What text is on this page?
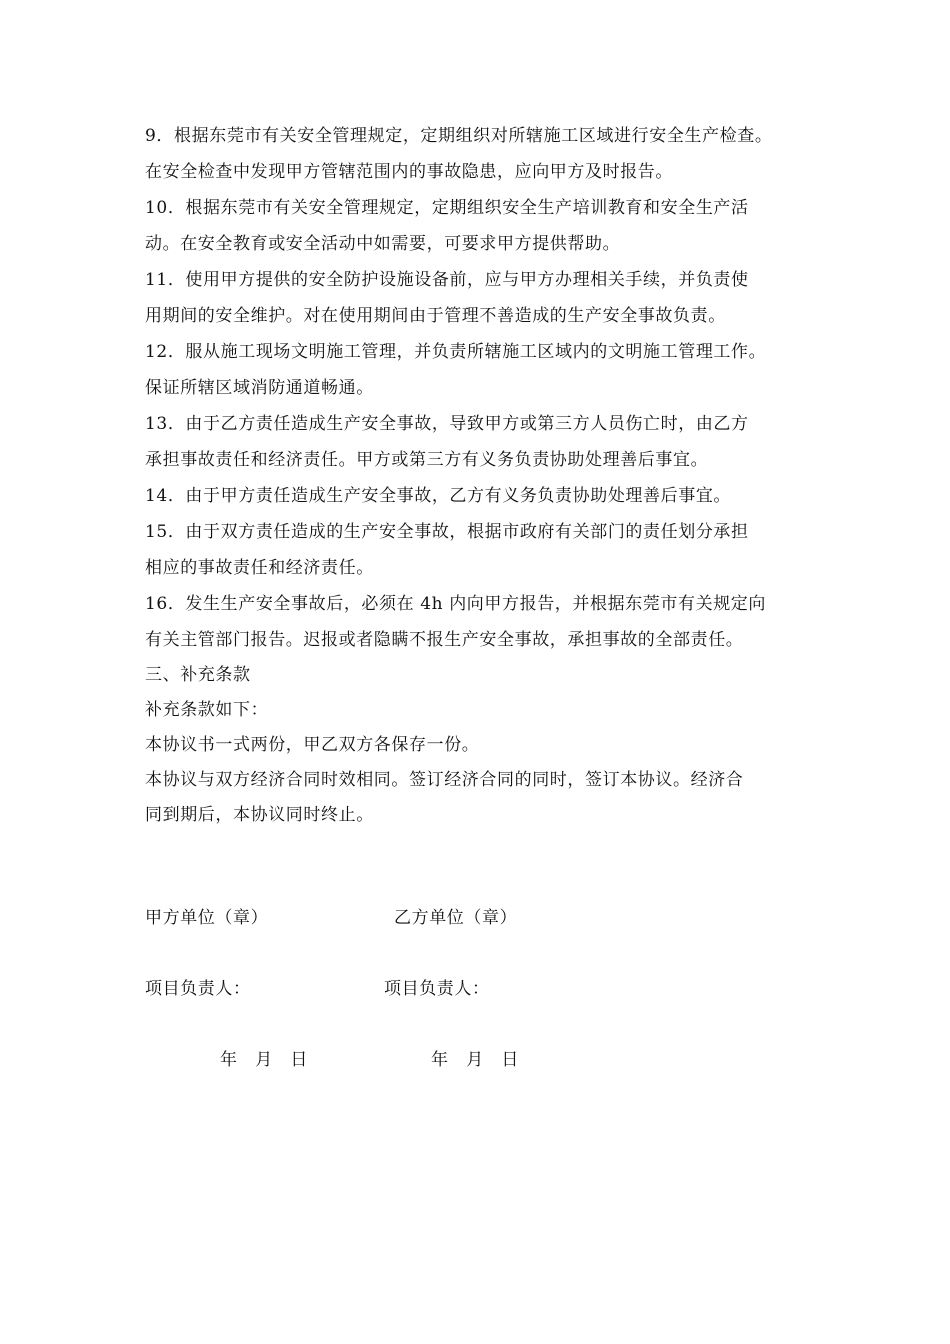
9．根据东莞市有关安全管理规定，定期组织对所辖施工区域进行安全生产检查。
在安全检查中发现甲方管辖范围内的事故隐患，应向甲方及时报告。
10．根据东莞市有关安全管理规定，定期组织安全生产培训教育和安全生产活
动。在安全教育或安全活动中如需要，可要求甲方提供帮助。
11．使用甲方提供的安全防护设施设备前，应与甲方办理相关手续，并负责使
用期间的安全维护。对在使用期间由于管理不善造成的生产安全事故负责。
12．服从施工现场文明施工管理，并负责所辖施工区域内的文明施工管理工作。
保证所辖区域消防通道畅通。
13．由于乙方责任造成生产安全事故，导致甲方或第三方人员伤亡时，由乙方
承担事故责任和经济责任。甲方或第三方有义务负责协助处理善后事宜。
14．由于甲方责任造成生产安全事故，乙方有义务负责协助处理善后事宜。
15．由于双方责任造成的生产安全事故，根据市政府有关部门的责任划分承担
相应的事故责任和经济责任。
16．发生生产安全事故后，必须在 4h 内向甲方报告，并根据东莞市有关规定向
有关主管部门报告。迟报或者隐瞒不报生产安全事故，承担事故的全部责任。
三、补充条款
补充条款如下：
本协议书一式两份，甲乙双方各保存一份。
本协议与双方经济合同时效相同。签订经济合同的同时，签订本协议。经济合
同到期后，本协议同时终止。
甲方单位（章）	乙方单位（章）
项目负责人：	项目负责人：
年　月　日	年　月　日
